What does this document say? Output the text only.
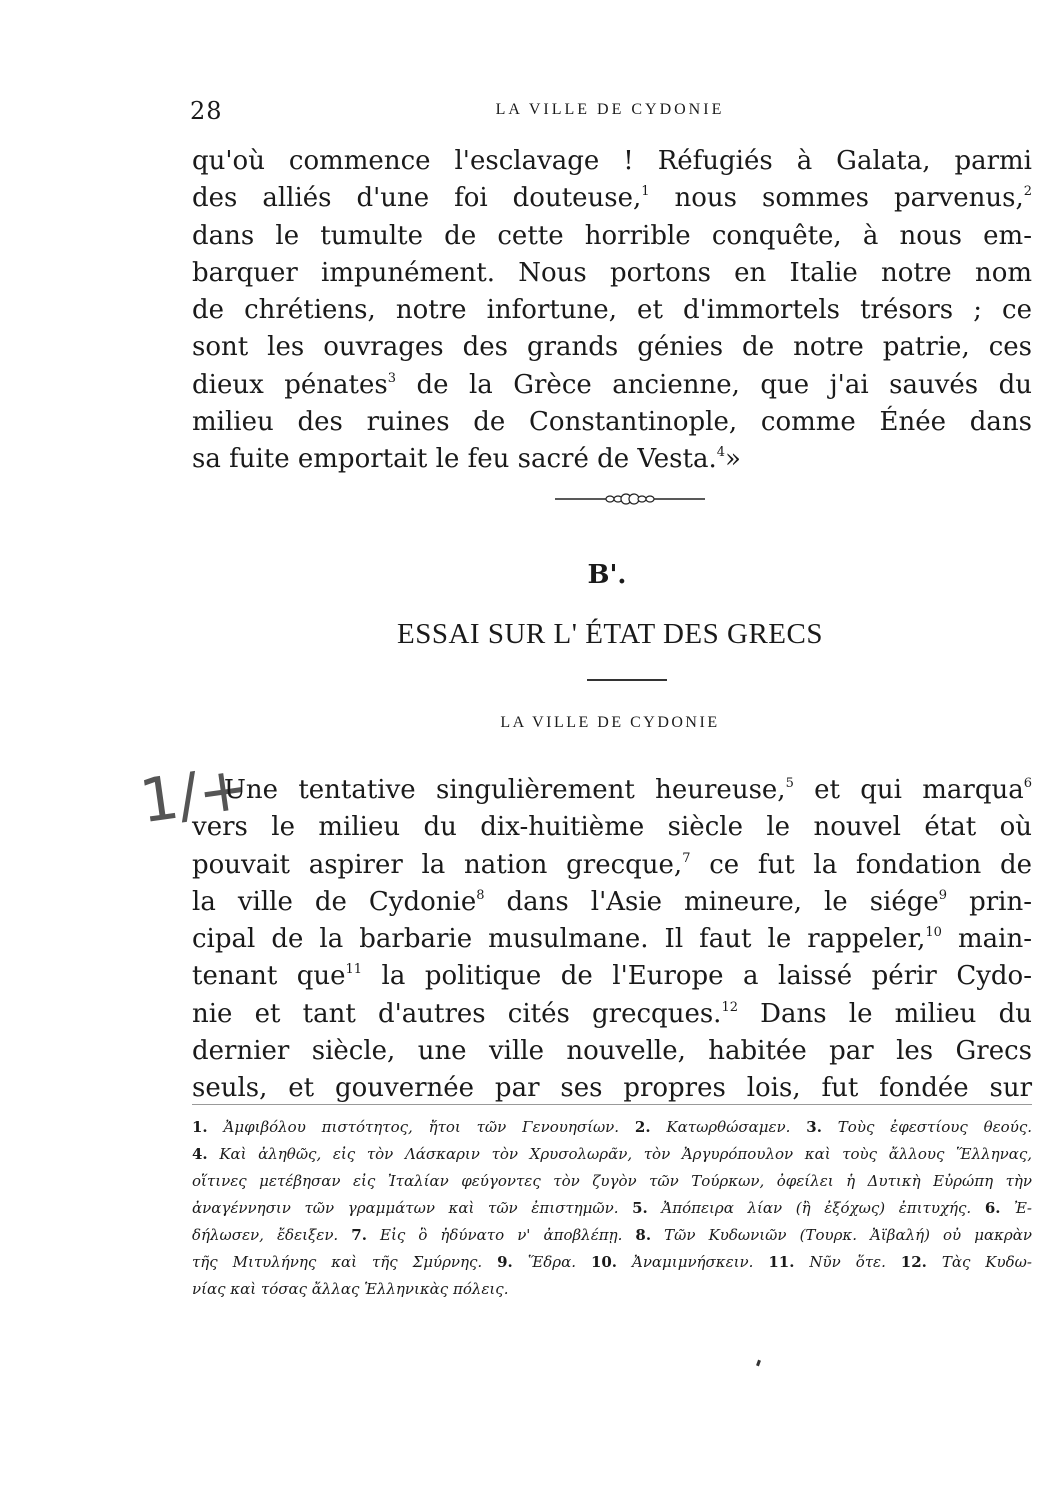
28	LA VILLE DE CYDONIE

qu'où commence l'esclavage ! Réfugiés à Galata, parmi

des alliés d'une foi douteuse,$^1$ nous sommes parvenus,$^2$

dans le tumulte de cette horrible conquête, à nous em-

barquer impunément. Nous portons en Italie notre nom

de chrétiens, notre infortune, et d'immortels trésors ; ce

sont les ouvrages des grands génies de notre patrie, ces

dieux pénates$^3$ de la Grèce ancienne, que j'ai sauvés du

milieu des ruines de Constantinople, comme Énée dans

sa fuite emportait le feu sacré de Vesta.$^4$»

B'.
ESSAI SUR L' ÉTAT DES GRECS
LA VILLE DE CYDONIE
1/+

Une tentative singulièrement heureuse,$^5$ et qui marqua$^6$

vers le milieu du dix-huitième siècle le nouvel état où

pouvait aspirer la nation grecque,$^7$ ce fut la fondation de

la ville de Cydonie$^8$ dans l'Asie mineure, le siége$^9$ prin-

cipal de la barbarie musulmane. Il faut le rappeler,$^{10}$ main-

tenant que$^{11}$ la politique de l'Europe a laissé périr Cydo-

nie et tant d'autres cités grecques.$^{12}$ Dans le milieu du

dernier siècle, une ville nouvelle, habitée par les Grecs

seuls, et gouvernée par ses propres lois, fut fondée sur

1. Ἀμφιβόλου πιστότητος, ἤτοι τῶν Γενουησίων. 2. Κατωρθώσαμεν. 3. Τοὺς ἐφεστίους θεούς.

4. Καὶ ἀληθῶς, εἰς τὸν Λάσκαριν τὸν Χρυσολωρᾶν, τὸν Ἀργυρόπουλον καὶ τοὺς ἄλλους Ἕλληνας,

οἵτινες μετέβησαν εἰς Ἰταλίαν φεύγοντες τὸν ζυγὸν τῶν Τούρκων, ὀφείλει ἡ Δυτικὴ Εὐρώπη τὴν

ἀναγέννησιν τῶν γραμμάτων καὶ τῶν ἐπιστημῶν. 5. Ἀπόπειρα λίαν (ἢ ἐξόχως) ἐπιτυχής. 6. Ἐ-

δήλωσεν, ἔδειξεν. 7. Εἰς ὃ ἠδύνατο ν' ἀποβλέπῃ. 8. Τῶν Κυδωνιῶν (Τουρκ. Ἀϊβαλή) οὐ μακρὰν

τῆς Μιτυλήνης καὶ τῆς Σμύρνης. 9. Ἕδρα. 10. Ἀναμιμνήσκειν. 11. Νῦν ὅτε. 12. Τὰς Κυδω-

νίας καὶ τόσας ἄλλας Ἑλληνικὰς πόλεις.
